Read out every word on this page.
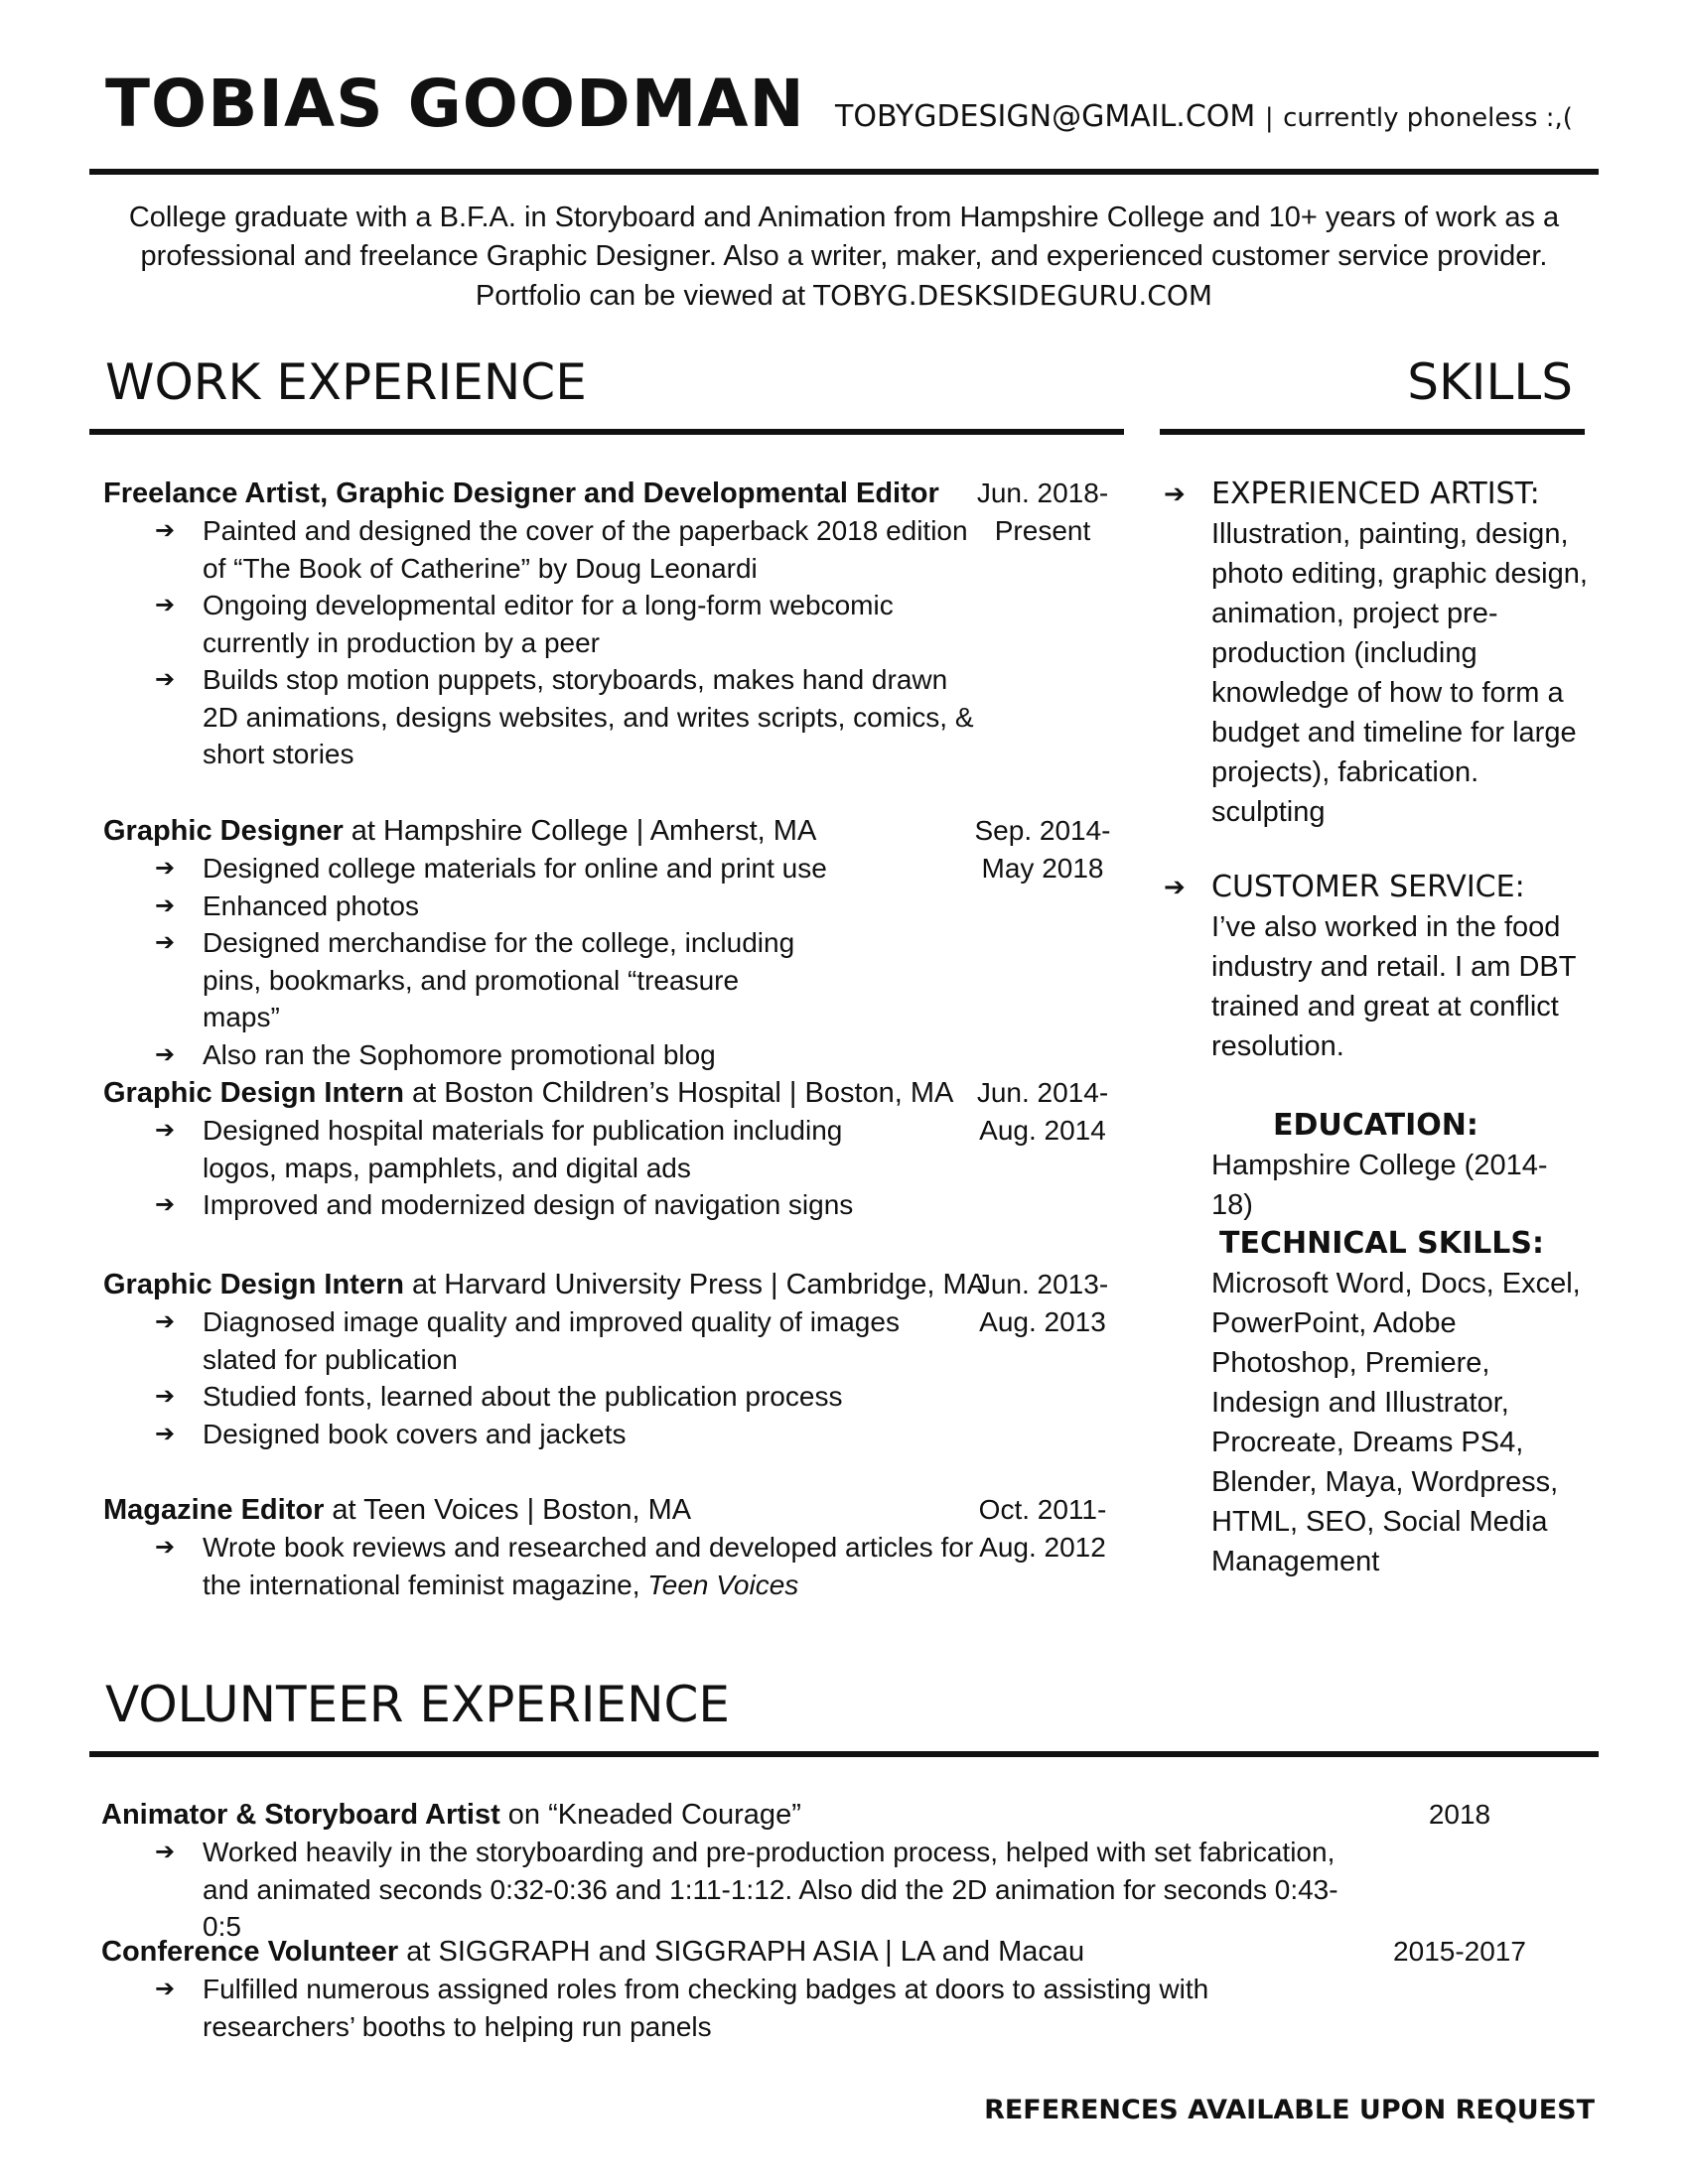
TOBIAS GOODMAN TOBYGDESIGN@GMAIL.COM | currently phoneless :,(
College graduate with a B.F.A. in Storyboard and Animation from Hampshire College and 10+ years of work as a
professional and freelance Graphic Designer. Also a writer, maker, and experienced customer service provider.
Portfolio can be viewed at TOBYG.DESKSIDEGURU.COM
WORK EXPERIENCE	SKILLS
Freelance Artist, Graphic Designer and Developmental Editor
➔ Painted and designed the cover of the paperback 2018 edition of “The Book of Catherine” by Doug Leonardi
➔ Ongoing developmental editor for a long-form webcomic currently in production by a peer
➔ Builds stop motion puppets, storyboards, makes hand drawn 2D animations, designs websites, and writes scripts, comics, & short stories
Jun. 2018-
Present
Graphic Designer at Hampshire College | Amherst, MA
➔ Designed college materials for online and print use
➔ Enhanced photos
➔ Designed merchandise for the college, including pins, bookmarks, and promotional “treasure maps”
➔ Also ran the Sophomore promotional blog
Sep. 2014-
May 2018
Graphic Design Intern at Boston Children’s Hospital | Boston, MA
➔ Designed hospital materials for publication including logos, maps, pamphlets, and digital ads
➔ Improved and modernized design of navigation signs
Jun. 2014-
Aug. 2014
Graphic Design Intern at Harvard University Press | Cambridge, MA
➔ Diagnosed image quality and improved quality of images slated for publication
➔ Studied fonts, learned about the publication process
➔ Designed book covers and jackets
Jun. 2013-
Aug. 2013
Magazine Editor at Teen Voices | Boston, MA
➔ Wrote book reviews and researched and developed articles for the international feminist magazine, Teen Voices
Oct. 2011-
Aug. 2012
➔ EXPERIENCED ARTIST:
Illustration, painting, design, photo editing, graphic design, animation, project pre-production (including knowledge of how to form a budget and timeline for large projects), fabrication. sculpting
➔ CUSTOMER SERVICE:
I’ve also worked in the food industry and retail. I am DBT trained and great at conflict resolution.
EDUCATION:
Hampshire College (2014-18)
TECHNICAL SKILLS:
Microsoft Word, Docs, Excel, PowerPoint, Adobe Photoshop, Premiere, Indesign and Illustrator, Procreate, Dreams PS4, Blender, Maya, Wordpress, HTML, SEO, Social Media Management
VOLUNTEER EXPERIENCE
Animator & Storyboard Artist on “Kneaded Courage”
➔ Worked heavily in the storyboarding and pre-production process, helped with set fabrication, and animated seconds 0:32-0:36 and 1:11-1:12. Also did the 2D animation for seconds 0:43-0:5
2018
Conference Volunteer at SIGGRAPH and SIGGRAPH ASIA | LA and Macau
➔ Fulfilled numerous assigned roles from checking badges at doors to assisting with researchers’ booths to helping run panels
2015-2017
REFERENCES AVAILABLE UPON REQUEST
